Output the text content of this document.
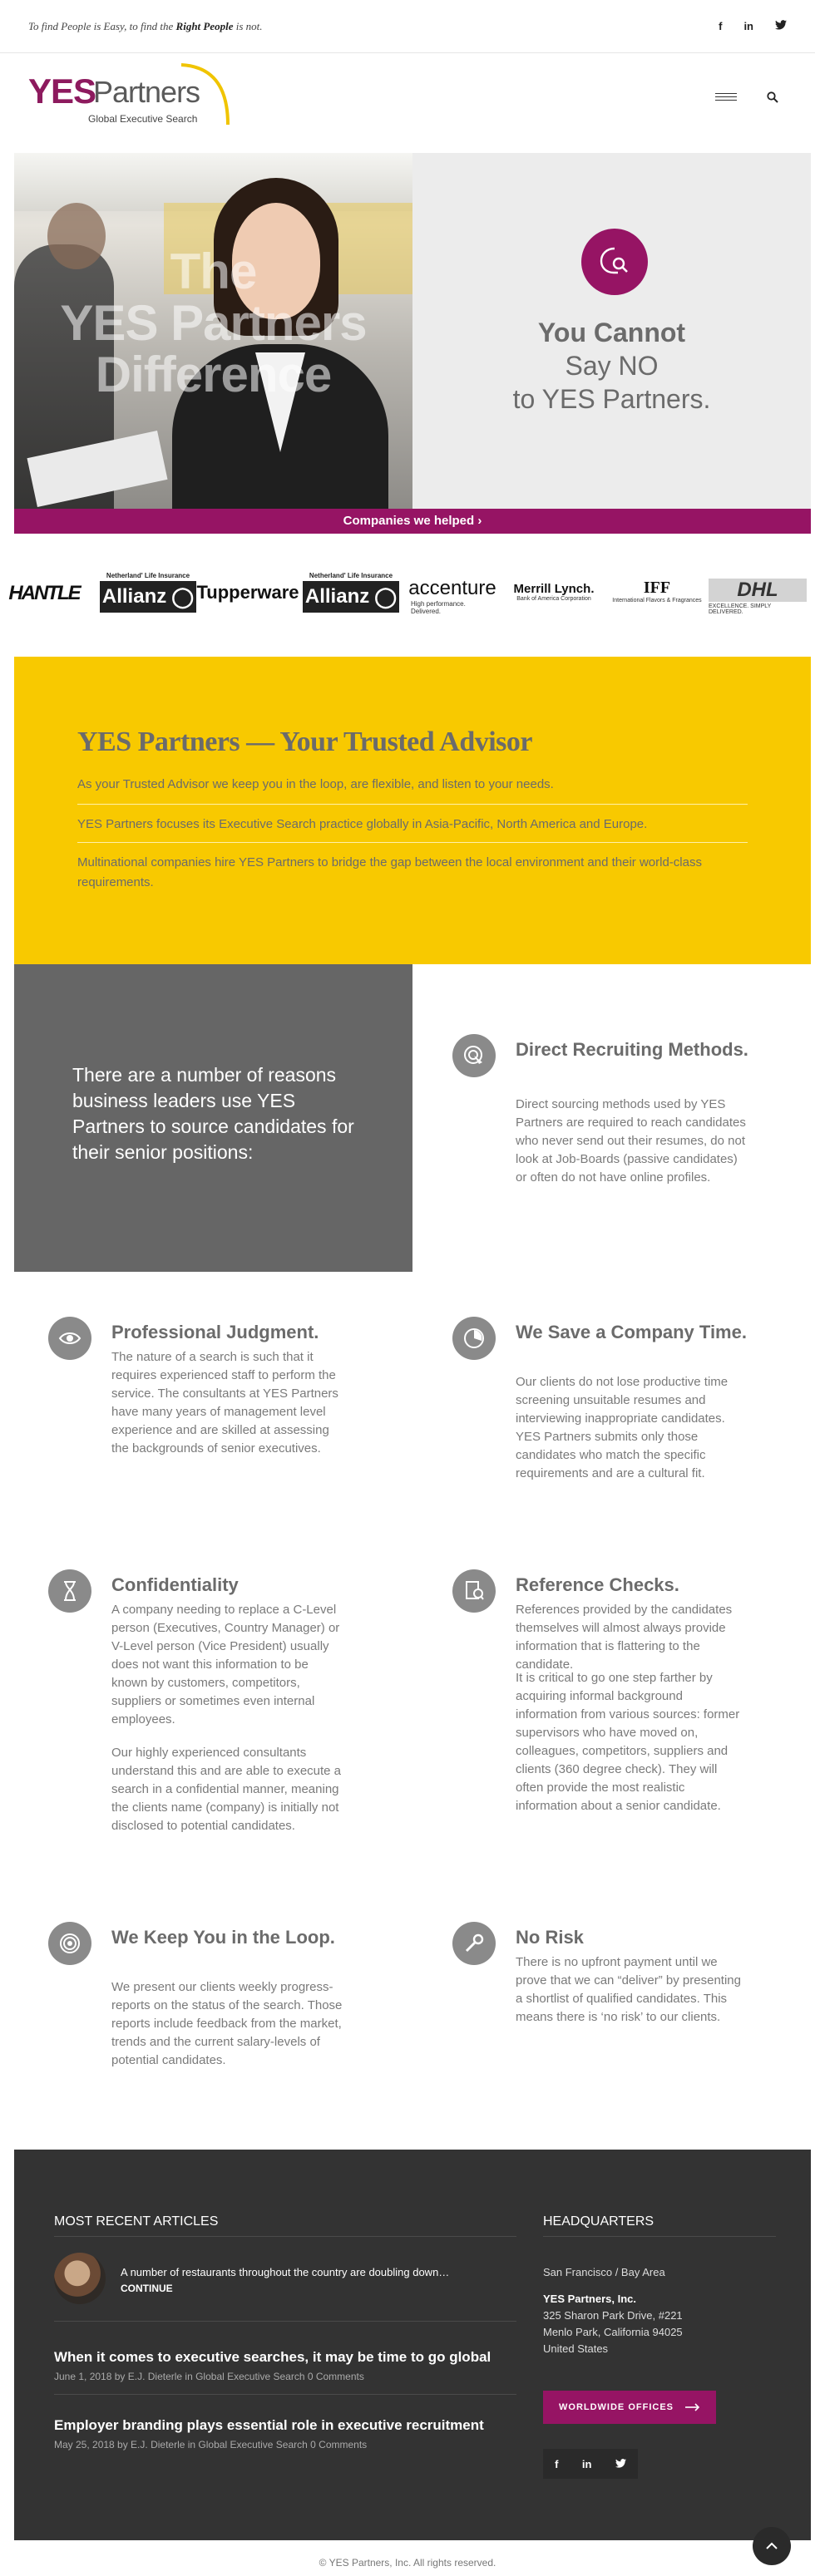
To find People is Easy, to find the Right People is not.	f in
YES
Partners
Global Executive Search
The
YES Partners
Difference
You Cannot
Say NO
to YES Partners.
Companies we helped ›
HANTLE
Netherland' Life Insurance
Allianz ◯ Tupperware
Netherland' Life Insurance
Allianz ◯ accenture
High performance. Delivered.
Merrill Lynch.
Bank of America Corporation
IFF
International Flavors & Fragrances	DHL
EXCELLENCE. SIMPLY DELIVERED.
YES Partners — Your Trusted Advisor

As your Trusted Advisor we keep you in the loop, are flexible, and listen to your needs.

YES Partners focuses its Executive Search practice globally in Asia-Pacific, North America and Europe.

Multinational companies hire YES Partners to bridge the gap between the local environment and their world-class requirements.

There are a number of reasons business leaders use YES Partners to source candidates for their senior positions:

Direct Recruiting Methods.
Direct sourcing methods used by YES Partners are required to reach candidates who never send out their resumes, do not look at Job-Boards (passive candidates) or often do not have online profiles.
Professional Judgment.
The nature of a search is such that it requires experienced staff to perform the service. The consultants at YES Partners have many years of management level experience and are skilled at assessing the backgrounds of senior executives.
We Save a Company Time.
Our clients do not lose productive time screening unsuitable resumes and interviewing inappropriate candidates. YES Partners submits only those candidates who match the specific requirements and are a cultural fit.
Confidentiality
A company needing to replace a C-Level person (Executives, Country Manager) or V-Level person (Vice President) usually does not want this information to be known by customers, competitors, suppliers or sometimes even internal employees.
Our highly experienced consultants understand this and are able to execute a search in a confidential manner, meaning the clients name (company) is initially not disclosed to potential candidates.
Reference Checks.
References provided by the candidates themselves will almost always provide information that is flattering to the candidate.
It is critical to go one step farther by acquiring informal background information from various sources: former supervisors who have moved on, colleagues, competitors, suppliers and clients (360 degree check). They will often provide the most realistic information about a senior candidate.
We Keep You in the Loop.
We present our clients weekly progress-reports on the status of the search. Those reports include feedback from the market, trends and the current salary-levels of potential candidates.
No Risk
There is no upfront payment until we prove that we can “deliver” by presenting a shortlist of qualified candidates. This means there is ‘no risk’ to our clients.
MOST RECENT ARTICLES
A number of restaurants throughout the country are doubling down…
CONTINUE
When it comes to executive searches, it may be time to go global
June 1, 2018 by E.J. Dieterle in Global Executive Search 0 Comments
Employer branding plays essential role in executive recruitment
May 25, 2018 by E.J. Dieterle in Global Executive Search 0 Comments
HEADQUARTERS
San Francisco / Bay Area
YES Partners, Inc.
325 Sharon Park Drive, #221
Menlo Park, California 94025
United States
WORLDWIDE OFFICES
f in
© YES Partners, Inc. All rights reserved.
